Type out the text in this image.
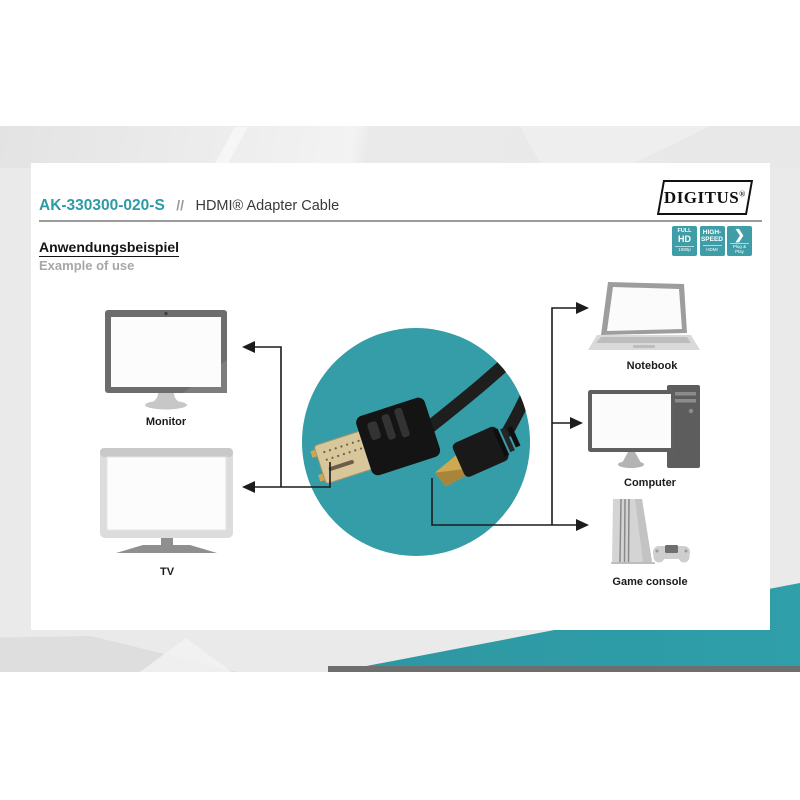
DIGITUS®
AK-330300-020-S // HDMI® Adapter Cable
FULL
HD
1080p
HIGH-
SPEED
HDMI
❯
Plug & Play
Anwendungsbeispiel
Example of use
Monitor
TV
Notebook
Computer
Game console
